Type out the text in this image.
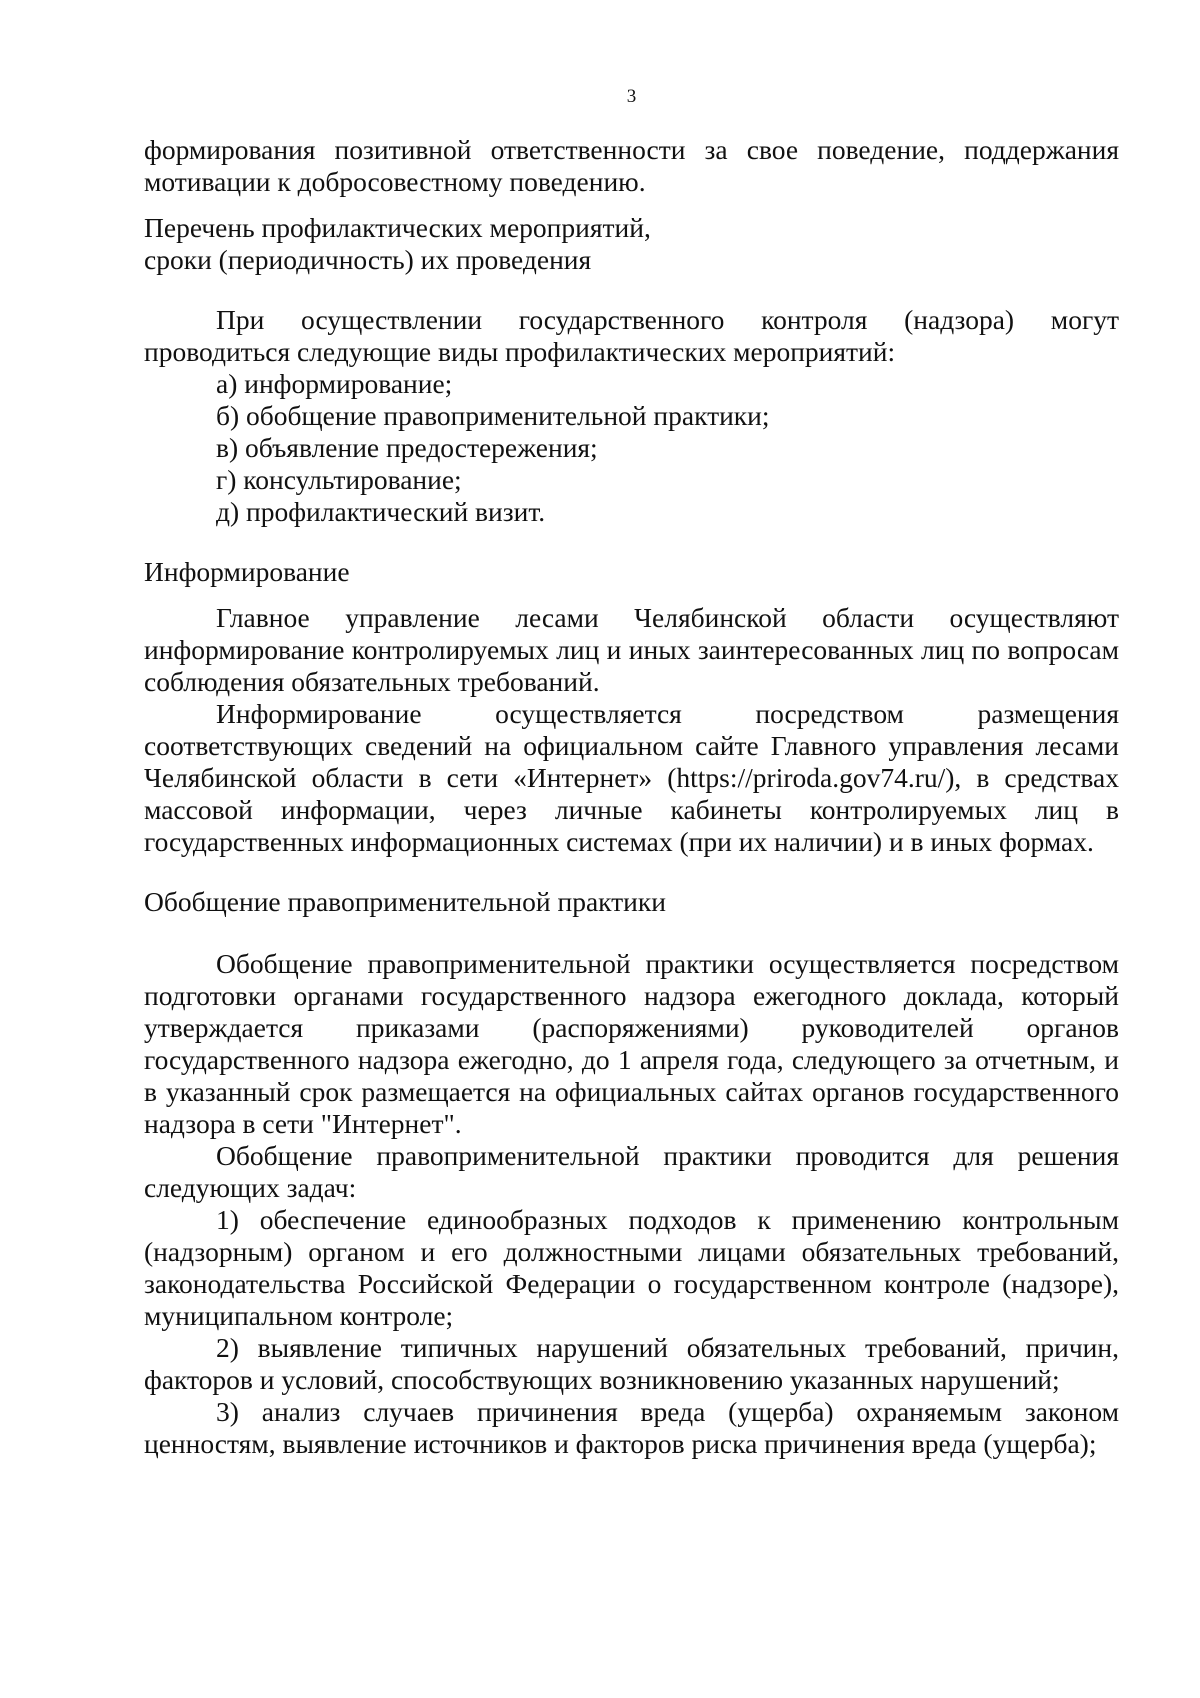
3

формирования позитивной ответственности за свое поведение, поддержания мотивации к добросовестному поведению.

Перечень профилактических мероприятий,

сроки (периодичность) их проведения

При осуществлении государственного контроля (надзора) могут проводиться следующие виды профилактических мероприятий:

а) информирование;

б) обобщение правоприменительной практики;

в) объявление предостережения;

г) консультирование;

д) профилактический визит.

Информирование

Главное управление лесами Челябинской области осуществляют информирование контролируемых лиц и иных заинтересованных лиц по вопросам соблюдения обязательных требований.

Информирование осуществляется посредством размещения соответствующих сведений на официальном сайте Главного управления лесами Челябинской области в сети «Интернет» (https://priroda.gov74.ru/), в средствах массовой информации, через личные кабинеты контролируемых лиц в государственных информационных системах (при их наличии) и в иных формах.

Обобщение правоприменительной практики

Обобщение правоприменительной практики осуществляется посредством подготовки органами государственного надзора ежегодного доклада, который утверждается приказами (распоряжениями) руководителей органов государственного надзора ежегодно, до 1 апреля года, следующего за отчетным, и в указанный срок размещается на официальных сайтах органов государственного надзора в сети "Интернет".

Обобщение правоприменительной практики проводится для решения следующих задач:

1) обеспечение единообразных подходов к применению контрольным (надзорным) органом и его должностными лицами обязательных требований, законодательства Российской Федерации о государственном контроле (надзоре), муниципальном контроле;

2) выявление типичных нарушений обязательных требований, причин, факторов и условий, способствующих возникновению указанных нарушений;

3) анализ случаев причинения вреда (ущерба) охраняемым законом ценностям, выявление источников и факторов риска причинения вреда (ущерба);
